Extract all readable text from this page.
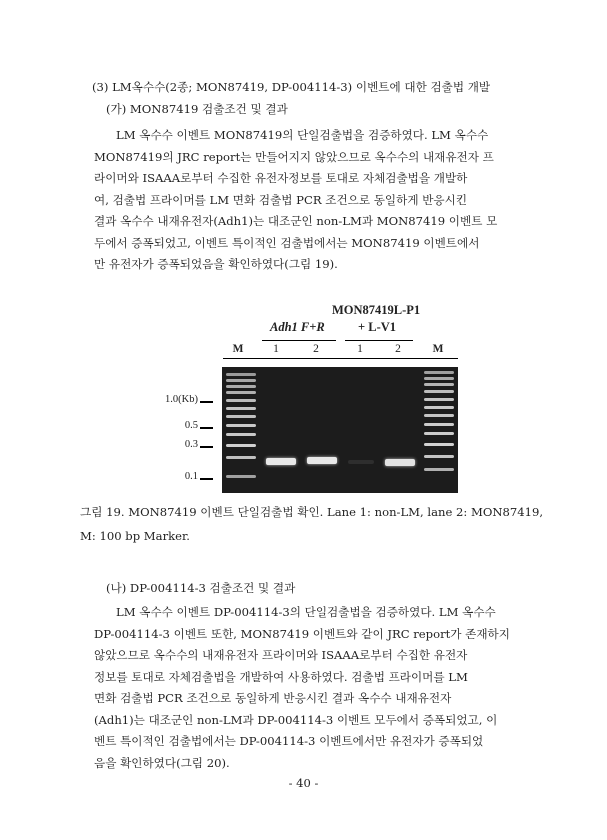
(3) LM옥수수(2종; MON87419, DP-004114-3) 이벤트에 대한 검출법 개발
(가) MON87419 검출조건 및 결과
LM 옥수수 이벤트 MON87419의 단일검출법을 검증하였다. LM 옥수수
MON87419의 JRC report는 만들어지지 않았으므로 옥수수의 내재유전자 프
라이머와 ISAAA로부터 수집한 유전자정보를 토대로 자체검출법을 개발하
여, 검출법 프라이머를 LM 면화 검출법 PCR 조건으로 동일하게 반응시킨
결과 옥수수 내재유전자(Adh1)는 대조군인 non-LM과 MON87419 이벤트 모
두에서 증폭되었고, 이벤트 특이적인 검출법에서는 MON87419 이벤트에서
만 유전자가 증폭되었음을 확인하였다(그림 19).
MON87419L-P1
Adh1 F+R	+ L-V1
M	1	2	1	2	M
1.0(Kb)
0.5
0.3
0.1
그림 19. MON87419 이벤트 단일검출법 확인. Lane 1: non-LM, lane 2: MON87419,
M: 100 bp Marker.
(나) DP-004114-3 검출조건 및 결과
LM 옥수수 이벤트 DP-004114-3의 단일검출법을 검증하였다. LM 옥수수
DP-004114-3 이벤트 또한, MON87419 이벤트와 같이 JRC report가 존재하지
않았으므로 옥수수의 내재유전자 프라이머와 ISAAA로부터 수집한 유전자
정보를 토대로 자체검출법을 개발하여 사용하였다. 검출법 프라이머를 LM
면화 검출법 PCR 조건으로 동일하게 반응시킨 결과 옥수수 내재유전자
(Adh1)는 대조군인 non-LM과 DP-004114-3 이벤트 모두에서 증폭되었고, 이
벤트 특이적인 검출법에서는 DP-004114-3 이벤트에서만 유전자가 증폭되었
음을 확인하였다(그림 20).
- 40 -
